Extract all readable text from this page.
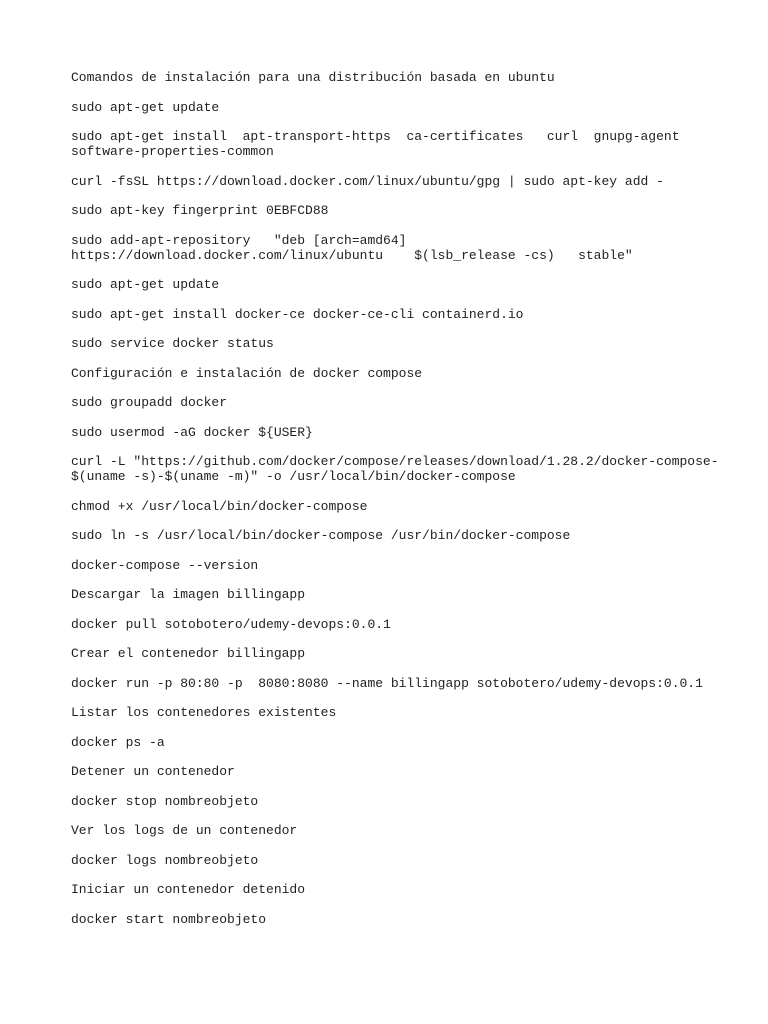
Comandos de instalación para una distribución basada en ubuntu
sudo apt-get update
sudo apt-get install  apt-transport-https  ca-certificates   curl  gnupg-agent
software-properties-common
curl -fsSL https://download.docker.com/linux/ubuntu/gpg | sudo apt-key add -
sudo apt-key fingerprint 0EBFCD88
sudo add-apt-repository   "deb [arch=amd64]
https://download.docker.com/linux/ubuntu    $(lsb_release -cs)   stable"
sudo apt-get update
sudo apt-get install docker-ce docker-ce-cli containerd.io
sudo service docker status
Configuración e instalación de docker compose
sudo groupadd docker
sudo usermod -aG docker ${USER}
curl -L "https://github.com/docker/compose/releases/download/1.28.2/docker-compose-
$(uname -s)-$(uname -m)" -o /usr/local/bin/docker-compose
chmod +x /usr/local/bin/docker-compose
sudo ln -s /usr/local/bin/docker-compose /usr/bin/docker-compose
docker-compose --version
Descargar la imagen billingapp
docker pull sotobotero/udemy-devops:0.0.1
Crear el contenedor billingapp
docker run -p 80:80 -p  8080:8080 --name billingapp sotobotero/udemy-devops:0.0.1
Listar los contenedores existentes
docker ps -a
Detener un contenedor
docker stop nombreobjeto
Ver los logs de un contenedor
docker logs nombreobjeto
Iniciar un contenedor detenido
docker start nombreobjeto
